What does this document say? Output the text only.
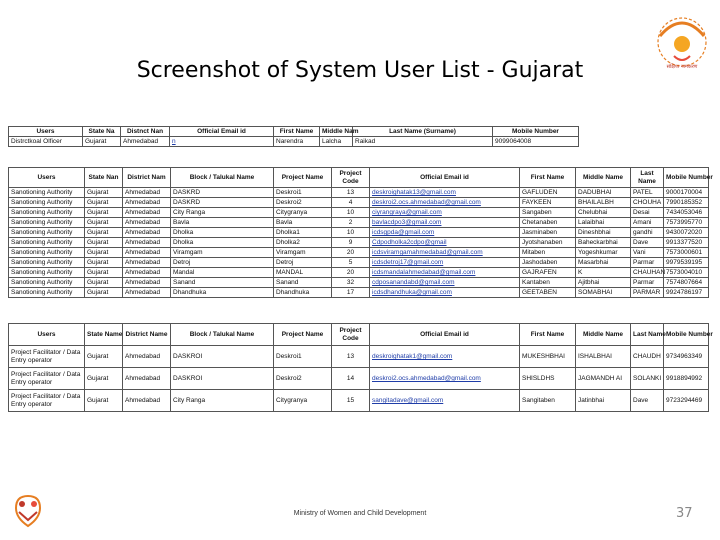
Screenshot of System User List - Gujarat	संक्षिप्त नामकरण
Users	State Na	Distnct Nan	Official Email id	First Name	Middle Nam	Last Name (Surname)	Mobile Number
Distrctkoal Olficer	Gujarat	Ahmedabad	n	Narendra	Lalcha	Raikad	9099064008
Users	State Nan	District Nam	Block / Talukal Name	Project Name	Project Code	Official Email id	First Name	Middle Name	Last Name	Mobile Number
Sanotioning Authority	Gujarat	Ahmedabad	DASKRD	Deskroi1	13	deskroighatak13@gmail.com	GAFLUDEN	DADUBHAI	PATEL	9000170004
Sanotioning Authority	Gujarat	Ahmedabad	DASKRD	Deskroi2	4	deskroi2.ocs.ahmedabad@gmail.com	FAYKEEN	BHAILALBH	CHOUHA	7990185352
Sanotioning Authority	Gujarat	Ahmedabad	City Ranga	Citygranya	10	ciyrangraya@gmail.com	Sangaben	Chelubhai	Desai	7434053046
Sanotioning Authority	Gujarat	Ahmedabad	Bavla	Bavla	2	bavlacdpo3@gmail.com	Chetanaben	Lalaibhai	Amani	7573995770
Sanotioning Authority	Gujarat	Ahmedabad	Dholka	Dholka1	10	icdsgpda@gmail.com	Jasminaben	Dineshbhai	gandhi	9430072020
Sanotioning Authority	Gujarat	Ahmedabad	Dholka	Dholka2	9	Cdpodholka2cdpo@gmail	Jyotshanaben	Baheckarbhai	Dave	9913377520
Sanotioning Authority	Gujarat	Ahmedabad	Viramgam	Viramgam	20	icdsviramgamahmedabad@gmail.com	Mitaben	Yogeshkumar	Vani	7573000601
Sanotioning Authority	Gujarat	Ahmedabad	Detroj	Detroj	5	icdsdetroj17@gmail.com	Jashodaben	Masarbhai	Parmar	9979539195
Sanotioning Authority	Gujarat	Ahmedabad	Mandal	MANDAL	20	icdsmandalahmedabad@gmail.com	GAJRAFEN	K	CHAUHAN	7573004010
Sanotioning Authority	Gujarat	Ahmedabad	Sanand	Sanand	32	cdposanandabd@gmail.com	Kantaben	Ajitbhai	Parmar	7574807664
Sanotioning Authority	Gujarat	Ahmedabad	Dhandhuka	Dhandhuka	17	icdsdhandhuka@gmail.com	GEETABEN	SOMABHAI	PARMAR	9924786197
Users	State Name	District Name	Block / Talukal Name	Project Name	Project Code	Official Email id	First Name	Middle Name	Last Name	Mobile Number
Project Facilitator / Data Entry operator	Gujarat	Ahmedabad	DASKROI	Deskroi1	13	deskroighatak1@gmail.com	MUKESHBHAI	ISHALBHAI	CHAUDH	9734963349
Project Facilitator / Data Entry operator	Gujarat	Ahmedabad	DASKROI	Deskroi2	14	deskroi2.ocs.ahmedabad@gmail.com	SHISLDHS	JAGMANDH AI	SOLANKI	9918894992
Project Facilitator / Data Entry operator	Gujarat	Ahmedabad	City Ranga	Citygranya	15	sangitadave@gmail.com	Sangitaben	Jatinbhai	Dave	9723294469
Ministry of Women and Child Development	37
